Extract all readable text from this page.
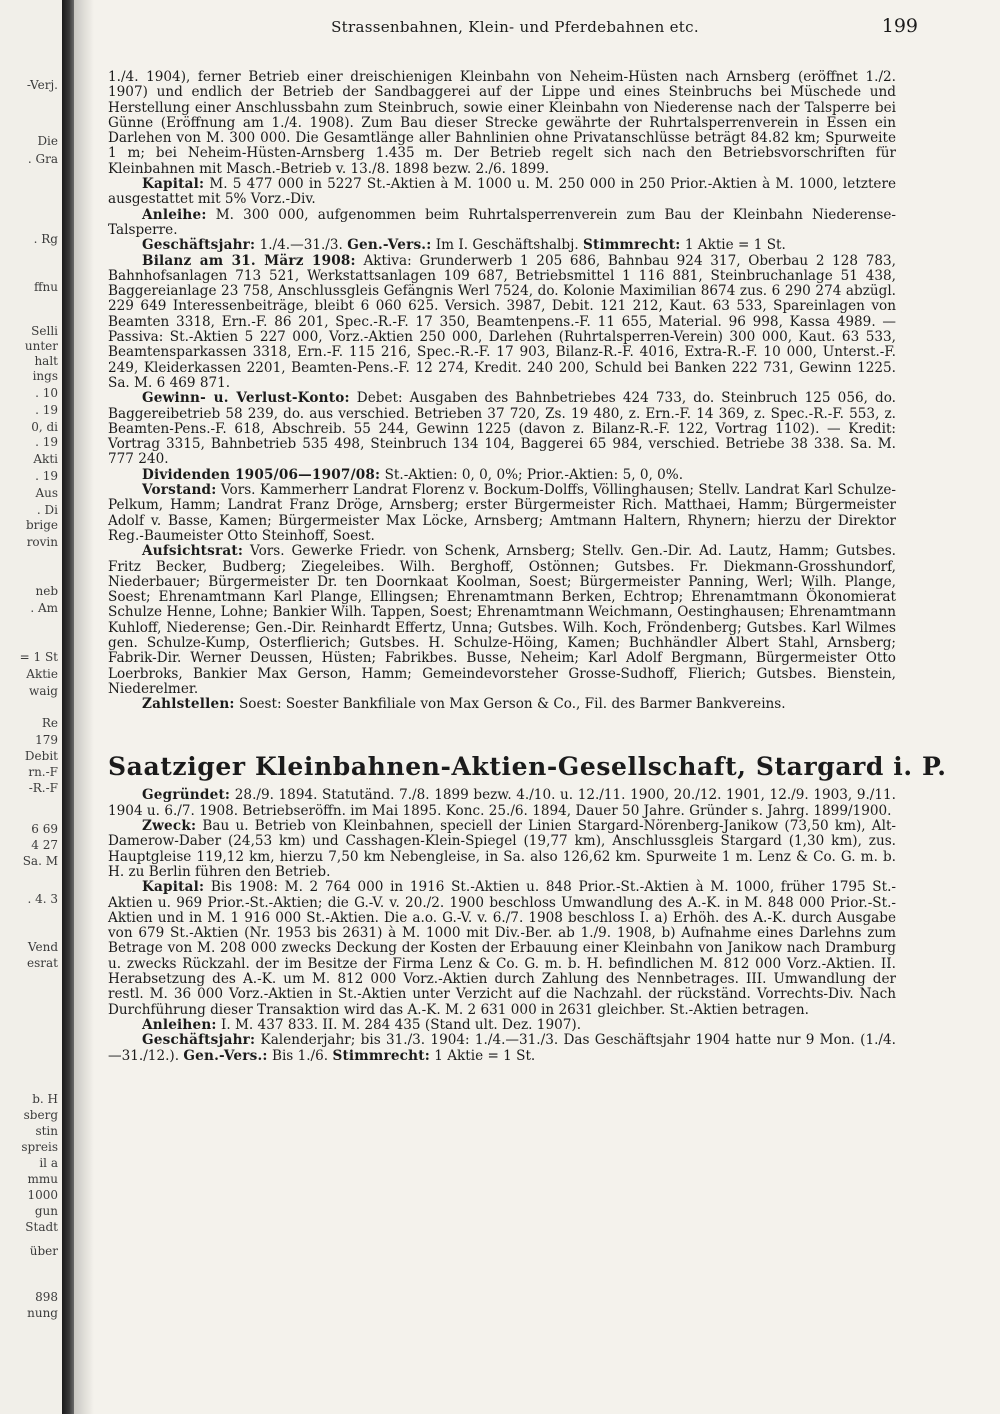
-Verj.
Die
. Gra
. Rg
ffnu
Selli
unter
halt
ings
. 10
. 19
0, di
. 19
Akti
. 19
Aus
. Di
brige
rovin
neb
. Am
= 1 St
Aktie
waig
Re
179
Debit
rn.-F
-R.-F
6 69
4 27
Sa. M
. 4. 3
Vend
esrat
b. H
sberg
stin
spreis
il a
mmu
1000
gun
Stadt
über
898
nung
Strassenbahnen, Klein- und Pferdebahnen etc.	199

1./4. 1904), ferner Betrieb einer dreischienigen Kleinbahn von Neheim-Hüsten nach Arnsberg (eröffnet 1./2. 1907) und endlich der Betrieb der Sandbaggerei auf der Lippe und eines Steinbruchs bei Müschede und Herstellung einer Anschlussbahn zum Steinbruch, sowie einer Kleinbahn von Niederense nach der Talsperre bei Günne (Eröffnung am 1./4. 1908). Zum Bau dieser Strecke gewährte der Ruhrtalsperrenverein in Essen ein Darlehen von M. 300 000. Die Gesamtlänge aller Bahnlinien ohne Privatanschlüsse beträgt 84.82 km; Spurweite 1 m; bei Neheim-Hüsten-Arnsberg 1.435 m. Der Betrieb regelt sich nach den Betriebsvorschriften für Kleinbahnen mit Masch.-Betrieb v. 13./8. 1898 bezw. 2./6. 1899.

Kapital: M. 5 477 000 in 5227 St.-Aktien à M. 1000 u. M. 250 000 in 250 Prior.-Aktien à M. 1000, letztere ausgestattet mit 5% Vorz.-Div.

Anleihe: M. 300 000, aufgenommen beim Ruhrtalsperrenverein zum Bau der Kleinbahn Niederense-Talsperre.

Geschäftsjahr: 1./4.—31./3. Gen.-Vers.: Im I. Geschäftshalbj. Stimmrecht: 1 Aktie = 1 St.

Bilanz am 31. März 1908: Aktiva: Grunderwerb 1 205 686, Bahnbau 924 317, Oberbau 2 128 783, Bahnhofsanlagen 713 521, Werkstattsanlagen 109 687, Betriebsmittel 1 116 881, Steinbruchanlage 51 438, Baggereianlage 23 758, Anschlussgleis Gefängnis Werl 7524, do. Kolonie Maximilian 8674 zus. 6 290 274 abzügl. 229 649 Interessenbeiträge, bleibt 6 060 625. Versich. 3987, Debit. 121 212, Kaut. 63 533, Spareinlagen von Beamten 3318, Ern.-F. 86 201, Spec.-R.-F. 17 350, Beamtenpens.-F. 11 655, Material. 96 998, Kassa 4989. — Passiva: St.-Aktien 5 227 000, Vorz.-Aktien 250 000, Darlehen (Ruhrtalsperren-Verein) 300 000, Kaut. 63 533, Beamtensparkassen 3318, Ern.-F. 115 216, Spec.-R.-F. 17 903, Bilanz-R.-F. 4016, Extra-R.-F. 10 000, Unterst.-F. 249, Kleiderkassen 2201, Beamten-Pens.-F. 12 274, Kredit. 240 200, Schuld bei Banken 222 731, Gewinn 1225. Sa. M. 6 469 871.

Gewinn- u. Verlust-Konto: Debet: Ausgaben des Bahnbetriebes 424 733, do. Steinbruch 125 056, do. Baggereibetrieb 58 239, do. aus verschied. Betrieben 37 720, Zs. 19 480, z. Ern.-F. 14 369, z. Spec.-R.-F. 553, z. Beamten-Pens.-F. 618, Abschreib. 55 244, Gewinn 1225 (davon z. Bilanz-R.-F. 122, Vortrag 1102). — Kredit: Vortrag 3315, Bahnbetrieb 535 498, Steinbruch 134 104, Baggerei 65 984, verschied. Betriebe 38 338. Sa. M. 777 240.

Dividenden 1905/06—1907/08: St.-Aktien: 0, 0, 0%; Prior.-Aktien: 5, 0, 0%.

Vorstand: Vors. Kammerherr Landrat Florenz v. Bockum-Dolffs, Völlinghausen; Stellv. Landrat Karl Schulze-Pelkum, Hamm; Landrat Franz Dröge, Arnsberg; erster Bürgermeister Rich. Matthaei, Hamm; Bürgermeister Adolf v. Basse, Kamen; Bürgermeister Max Löcke, Arnsberg; Amtmann Haltern, Rhynern; hierzu der Direktor Reg.-Baumeister Otto Steinhoff, Soest.

Aufsichtsrat: Vors. Gewerke Friedr. von Schenk, Arnsberg; Stellv. Gen.-Dir. Ad. Lautz, Hamm; Gutsbes. Fritz Becker, Budberg; Ziegeleibes. Wilh. Berghoff, Ostönnen; Gutsbes. Fr. Diekmann-Grosshundorf, Niederbauer; Bürgermeister Dr. ten Doornkaat Koolman, Soest; Bürgermeister Panning, Werl; Wilh. Plange, Soest; Ehrenamtmann Karl Plange, Ellingsen; Ehrenamtmann Berken, Echtrop; Ehrenamtmann Ökonomierat Schulze Henne, Lohne; Bankier Wilh. Tappen, Soest; Ehrenamtmann Weichmann, Oestinghausen; Ehrenamtmann Kuhloff, Niederense; Gen.-Dir. Reinhardt Effertz, Unna; Gutsbes. Wilh. Koch, Fröndenberg; Gutsbes. Karl Wilmes gen. Schulze-Kump, Osterflierich; Gutsbes. H. Schulze-Höing, Kamen; Buchhändler Albert Stahl, Arnsberg; Fabrik-Dir. Werner Deussen, Hüsten; Fabrikbes. Busse, Neheim; Karl Adolf Bergmann, Bürgermeister Otto Loerbroks, Bankier Max Gerson, Hamm; Gemeindevorsteher Grosse-Sudhoff, Flierich; Gutsbes. Bienstein, Niederelmer.

Zahlstellen: Soest: Soester Bankfiliale von Max Gerson & Co., Fil. des Barmer Bankvereins.

Saatziger Kleinbahnen-Aktien-Gesellschaft, Stargard i. P.

Gegründet: 28./9. 1894. Statutänd. 7./8. 1899 bezw. 4./10. u. 12./11. 1900, 20./12. 1901, 12./9. 1903, 9./11. 1904 u. 6./7. 1908. Betriebseröffn. im Mai 1895. Konc. 25./6. 1894, Dauer 50 Jahre. Gründer s. Jahrg. 1899/1900.

Zweck: Bau u. Betrieb von Kleinbahnen, speciell der Linien Stargard-Nörenberg-Janikow (73,50 km), Alt-Damerow-Daber (24,53 km) und Casshagen-Klein-Spiegel (19,77 km), Anschlussgleis Stargard (1,30 km), zus. Hauptgleise 119,12 km, hierzu 7,50 km Nebengleise, in Sa. also 126,62 km. Spurweite 1 m. Lenz & Co. G. m. b. H. zu Berlin führen den Betrieb.

Kapital: Bis 1908: M. 2 764 000 in 1916 St.-Aktien u. 848 Prior.-St.-Aktien à M. 1000, früher 1795 St.-Aktien u. 969 Prior.-St.-Aktien; die G.-V. v. 20./2. 1900 beschloss Umwandlung des A.-K. in M. 848 000 Prior.-St.-Aktien und in M. 1 916 000 St.-Aktien. Die a.o. G.-V. v. 6./7. 1908 beschloss I. a) Erhöh. des A.-K. durch Ausgabe von 679 St.-Aktien (Nr. 1953 bis 2631) à M. 1000 mit Div.-Ber. ab 1./9. 1908, b) Aufnahme eines Darlehns zum Betrage von M. 208 000 zwecks Deckung der Kosten der Erbauung einer Kleinbahn von Janikow nach Dramburg u. zwecks Rückzahl. der im Besitze der Firma Lenz & Co. G. m. b. H. befindlichen M. 812 000 Vorz.-Aktien. II. Herabsetzung des A.-K. um M. 812 000 Vorz.-Aktien durch Zahlung des Nennbetrages. III. Umwandlung der restl. M. 36 000 Vorz.-Aktien in St.-Aktien unter Verzicht auf die Nachzahl. der rückständ. Vorrechts-Div. Nach Durchführung dieser Transaktion wird das A.-K. M. 2 631 000 in 2631 gleichber. St.-Aktien betragen.

Anleihen: I. M. 437 833. II. M. 284 435 (Stand ult. Dez. 1907).

Geschäftsjahr: Kalenderjahr; bis 31./3. 1904: 1./4.—31./3. Das Geschäftsjahr 1904 hatte nur 9 Mon. (1./4.—31./12.). Gen.-Vers.: Bis 1./6. Stimmrecht: 1 Aktie = 1 St.
